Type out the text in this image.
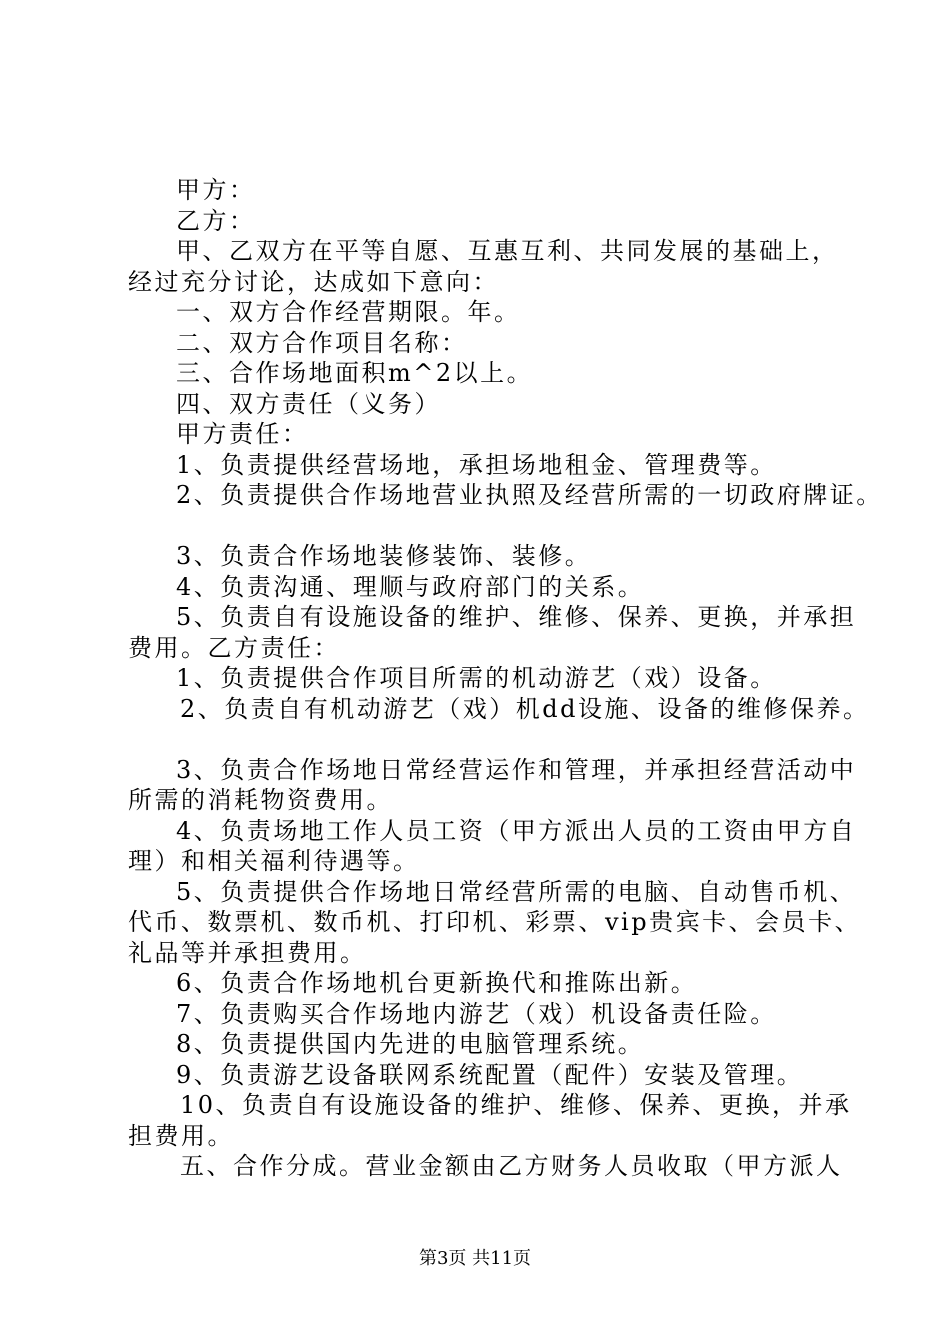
甲方：
乙方：
甲、乙双方在平等自愿、互惠互利、共同发展的基础上，
经过充分讨论，达成如下意向：
一、双方合作经营期限。年。
二、双方合作项目名称：
三、合作场地面积m^2以上。
四、双方责任（义务）
甲方责任：
1、负责提供经营场地，承担场地租金、管理费等。
2、负责提供合作场地营业执照及经营所需的一切政府牌证。
3、负责合作场地装修装饰、装修。
4、负责沟通、理顺与政府部门的关系。
5、负责自有设施设备的维护、维修、保养、更换，并承担
费用。乙方责任：
1、负责提供合作项目所需的机动游艺（戏）设备。
2、负责自有机动游艺（戏）机dd设施、设备的维修保养。
3、负责合作场地日常经营运作和管理，并承担经营活动中
所需的消耗物资费用。
4、负责场地工作人员工资（甲方派出人员的工资由甲方自
理）和相关福利待遇等。
5、负责提供合作场地日常经营所需的电脑、自动售币机、
代币、数票机、数币机、打印机、彩票、vip贵宾卡、会员卡、
礼品等并承担费用。
6、负责合作场地机台更新换代和推陈出新。
7、负责购买合作场地内游艺（戏）机设备责任险。
8、负责提供国内先进的电脑管理系统。
9、负责游艺设备联网系统配置（配件）安装及管理。
10、负责自有设施设备的维护、维修、保养、更换，并承
担费用。
五、合作分成。营业金额由乙方财务人员收取（甲方派人
第3页 共11页
